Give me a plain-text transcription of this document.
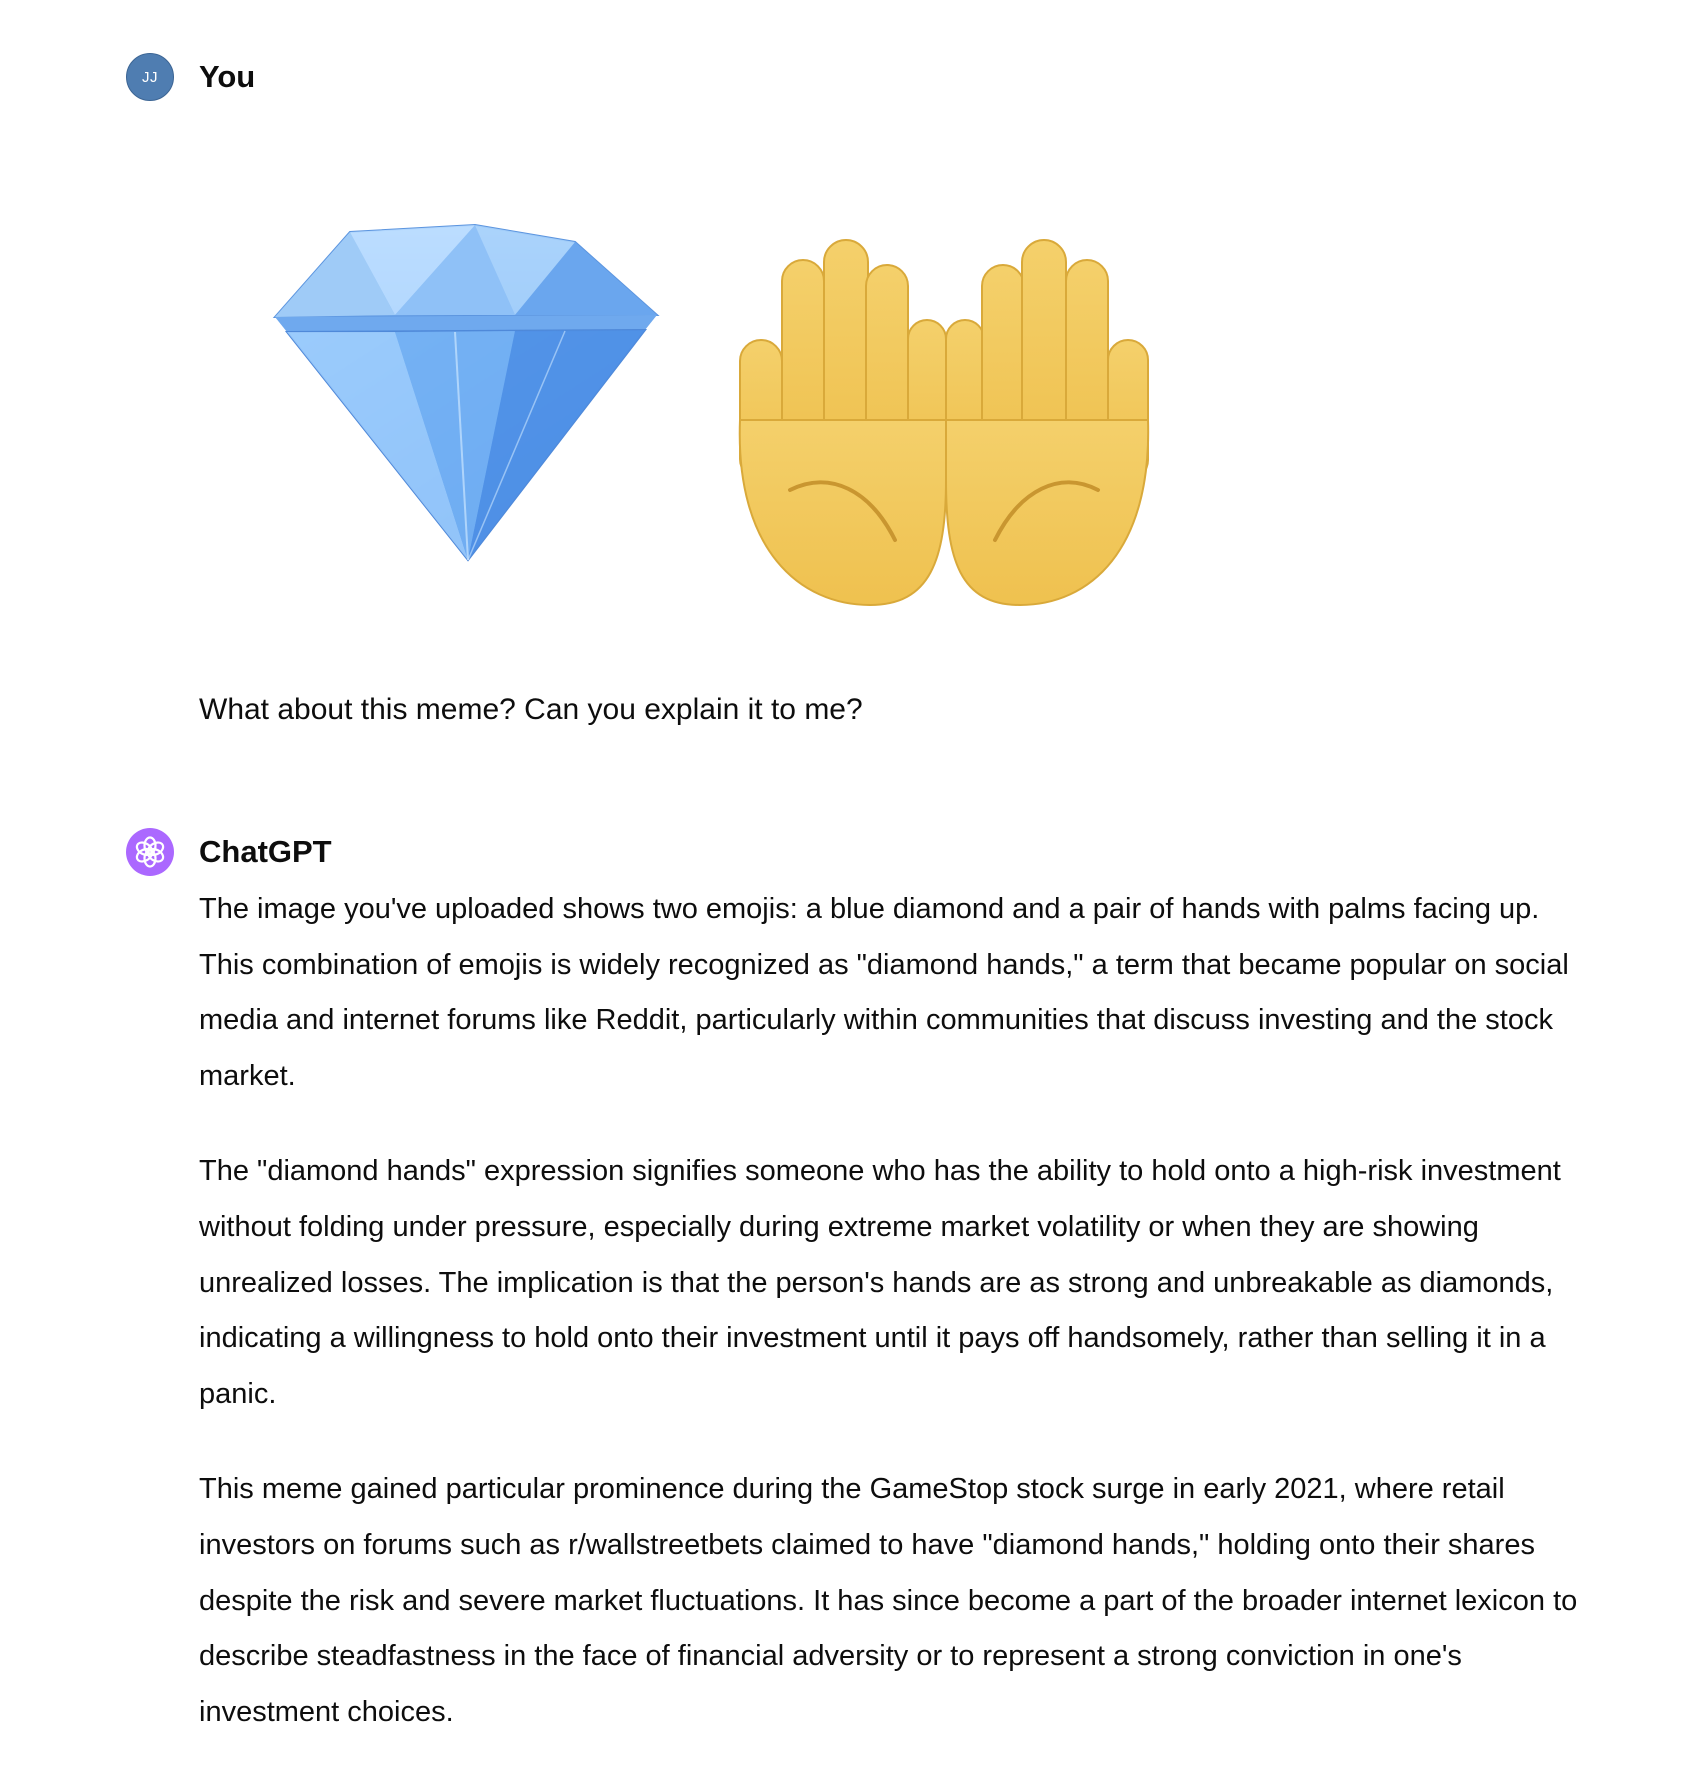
JJ	You
What about this meme? Can you explain it to me?
ChatGPT

The image you've uploaded shows two emojis: a blue diamond and a pair of hands with palms facing up. This combination of emojis is widely recognized as "diamond hands," a term that became popular on social media and internet forums like Reddit, particularly within communities that discuss investing and the stock market.

The "diamond hands" expression signifies someone who has the ability to hold onto a high-risk investment without folding under pressure, especially during extreme market volatility or when they are showing unrealized losses. The implication is that the person's hands are as strong and unbreakable as diamonds, indicating a willingness to hold onto their investment until it pays off handsomely, rather than selling it in a panic.

This meme gained particular prominence during the GameStop stock surge in early 2021, where retail investors on forums such as r/wallstreetbets claimed to have "diamond hands," holding onto their shares despite the risk and severe market fluctuations. It has since become a part of the broader internet lexicon to describe steadfastness in the face of financial adversity or to represent a strong conviction in one's investment choices.
